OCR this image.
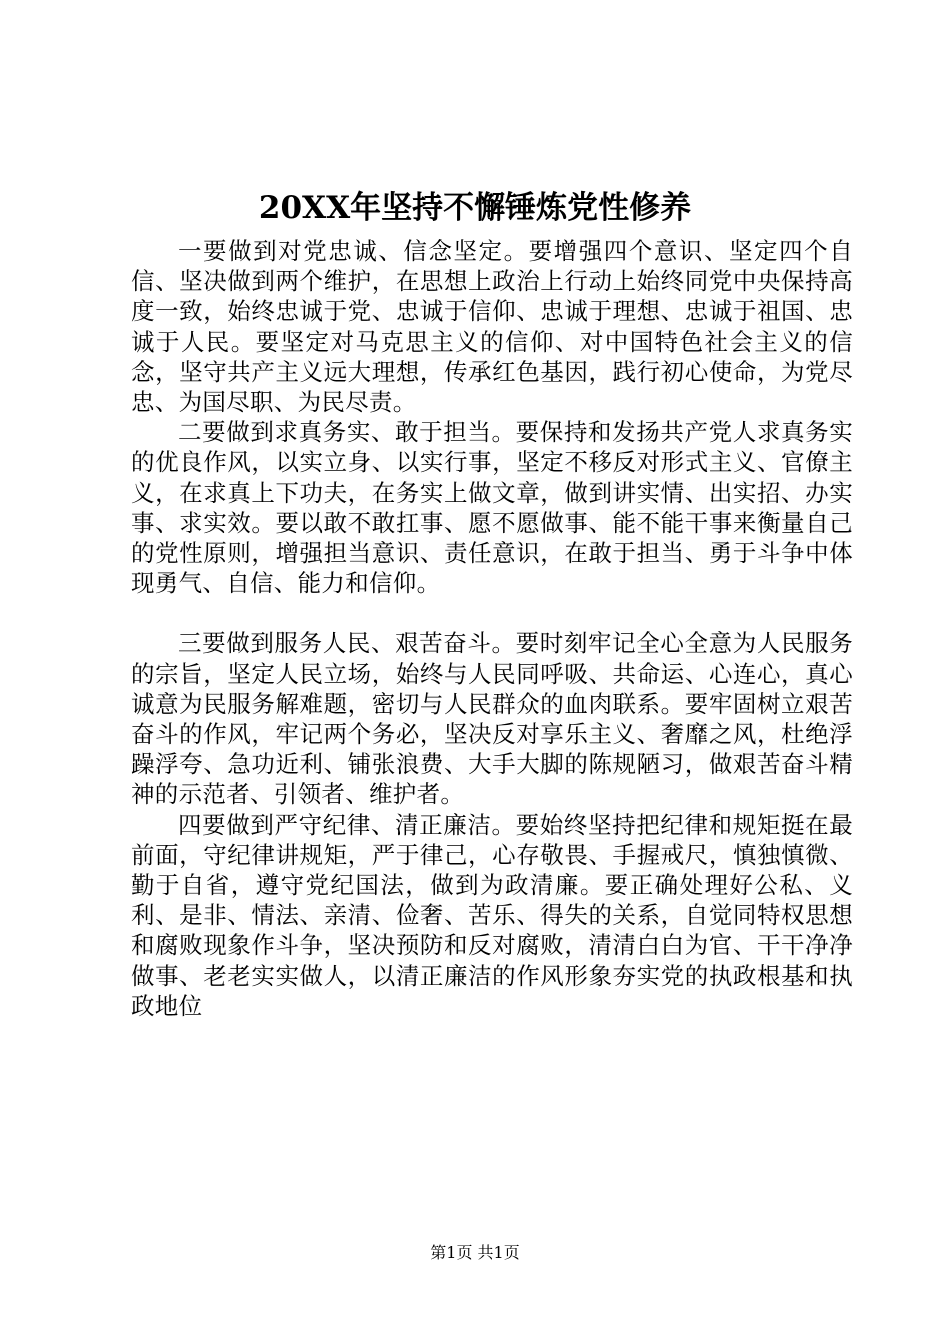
20XX年坚持不懈锤炼党性修养

一要做到对党忠诚、信念坚定。要增强四个意识、坚定四个自信、坚决做到两个维护，在思想上政治上行动上始终同党中央保持高度一致，始终忠诚于党、忠诚于信仰、忠诚于理想、忠诚于祖国、忠诚于人民。要坚定对马克思主义的信仰、对中国特色社会主义的信念，坚守共产主义远大理想，传承红色基因，践行初心使命，为党尽忠、为国尽职、为民尽责。

二要做到求真务实、敢于担当。要保持和发扬共产党人求真务实的优良作风，以实立身、以实行事，坚定不移反对形式主义、官僚主义，在求真上下功夫，在务实上做文章，做到讲实情、出实招、办实事、求实效。要以敢不敢扛事、愿不愿做事、能不能干事来衡量自己的党性原则，增强担当意识、责任意识，在敢于担当、勇于斗争中体现勇气、自信、能力和信仰。

三要做到服务人民、艰苦奋斗。要时刻牢记全心全意为人民服务的宗旨，坚定人民立场，始终与人民同呼吸、共命运、心连心，真心诚意为民服务解难题，密切与人民群众的血肉联系。要牢固树立艰苦奋斗的作风，牢记两个务必，坚决反对享乐主义、奢靡之风，杜绝浮躁浮夸、急功近利、铺张浪费、大手大脚的陈规陋习，做艰苦奋斗精神的示范者、引领者、维护者。

四要做到严守纪律、清正廉洁。要始终坚持把纪律和规矩挺在最前面，守纪律讲规矩，严于律己，心存敬畏、手握戒尺，慎独慎微、勤于自省，遵守党纪国法，做到为政清廉。要正确处理好公私、义利、是非、情法、亲清、俭奢、苦乐、得失的关系，自觉同特权思想和腐败现象作斗争，坚决预防和反对腐败，清清白白为官、干干净净做事、老老实实做人，以清正廉洁的作风形象夯实党的执政根基和执政地位

第1页 共1页
